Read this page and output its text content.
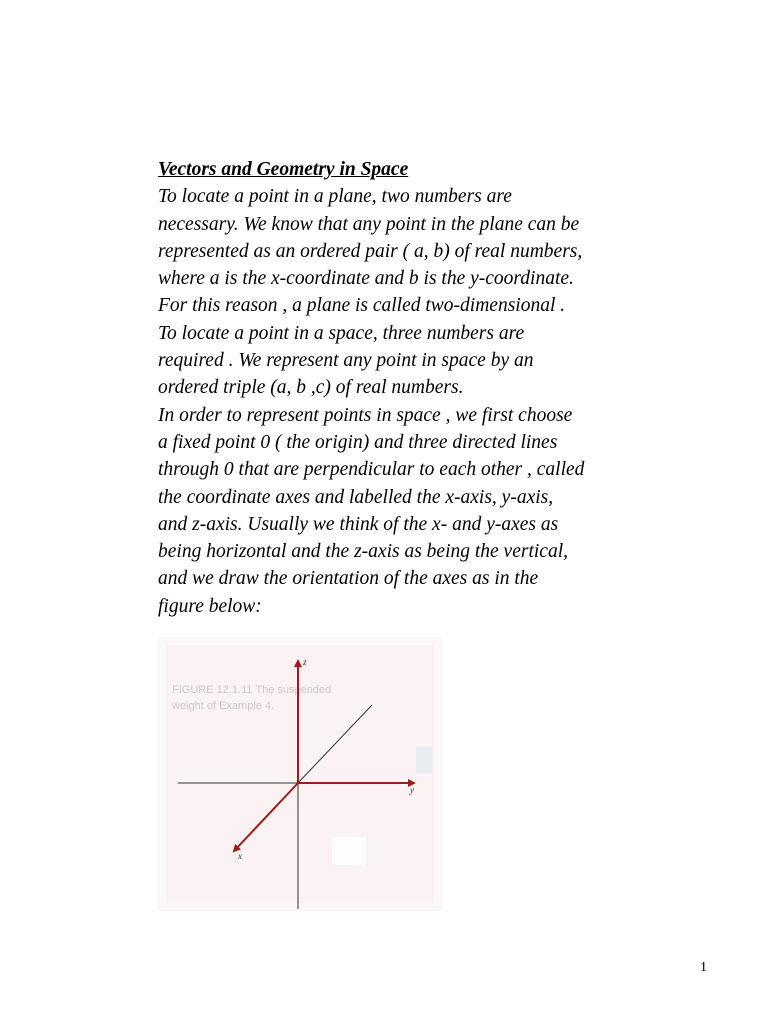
Vectors and Geometry in Space
To locate a point in a plane, two numbers are
necessary. We know that any point in the plane can be
represented as an ordered pair ( a, b) of real numbers,
where a is the x-coordinate and b is the y-coordinate.
For this reason , a plane is called two-dimensional .
To locate a point in a space, three numbers are
required . We represent any point in space by an
ordered triple (a, b ,c) of real numbers.
In order to represent points in space , we first choose
a fixed point 0 ( the origin) and three directed lines
through 0 that are perpendicular to each other , called
the coordinate axes and labelled the x-axis, y-axis,
and z-axis. Usually we think of the x- and y-axes as
being horizontal and the z-axis as being the vertical,
and we draw the orientation of the axes as in the
figure below:
FIGURE 12.1.11 The suspended
weight of Example 4.
z
y
x
1
